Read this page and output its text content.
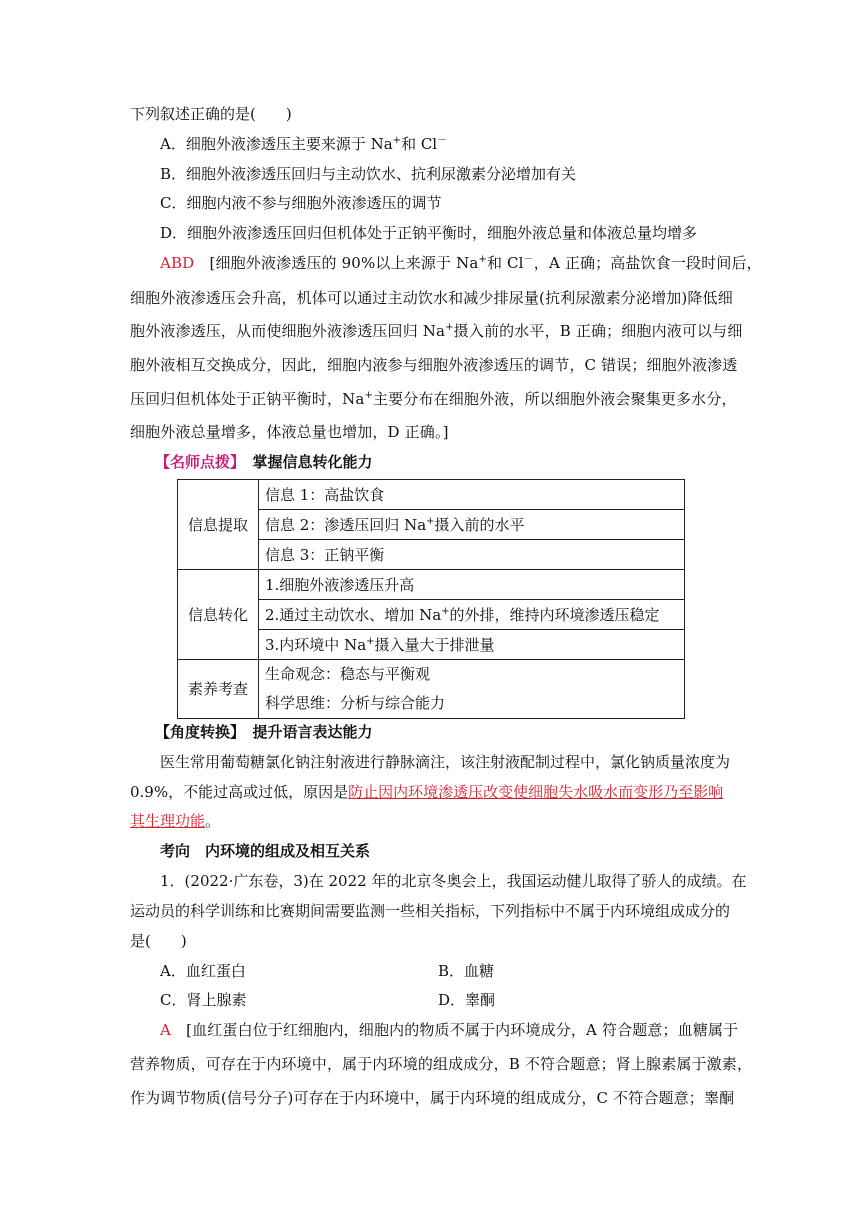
下列叙述正确的是(　　)
A．细胞外液渗透压主要来源于 Na+和 Cl－
B．细胞外液渗透压回归与主动饮水、抗利尿激素分泌增加有关
C．细胞内液不参与细胞外液渗透压的调节
D．细胞外液渗透压回归但机体处于正钠平衡时，细胞外液总量和体液总量均增多
ABD　[细胞外液渗透压的 90%以上来源于 Na+和 Cl－，A 正确；高盐饮食一段时间后，
细胞外液渗透压会升高，机体可以通过主动饮水和减少排尿量(抗利尿激素分泌增加)降低细
胞外液渗透压，从而使细胞外液渗透压回归 Na+摄入前的水平，B 正确；细胞内液可以与细
胞外液相互交换成分，因此，细胞内液参与细胞外液渗透压的调节，C 错误；细胞外液渗透
压回归但机体处于正钠平衡时，Na+主要分布在细胞外液，所以细胞外液会聚集更多水分，
细胞外液总量增多，体液总量也增加，D 正确。]
【名师点拨】　掌握信息转化能力
信息提取	信息 1：高盐饮食
	信息 2：渗透压回归 Na+摄入前的水平
	信息 3：正钠平衡
信息转化	1.细胞外液渗透压升高
	2.通过主动饮水、增加 Na+的外排，维持内环境渗透压稳定
	3.内环境中 Na+摄入量大于排泄量
素养考查	生命观念：稳态与平衡观
科学思维：分析与综合能力
【角度转换】　提升语言表达能力
医生常用葡萄糖氯化钠注射液进行静脉滴注，该注射液配制过程中，氯化钠质量浓度为
0.9%，不能过高或过低，原因是防止因内环境渗透压改变使细胞失水吸水而变形乃至影响
其生理功能。
考向　内环境的组成及相互关系
1．(2022·广东卷，3)在 2022 年的北京冬奥会上，我国运动健儿取得了骄人的成绩。在
运动员的科学训练和比赛期间需要监测一些相关指标，下列指标中不属于内环境组成成分的
是(　　)
A．血红蛋白	B．血糖
C．肾上腺素	D．睾酮
A　[血红蛋白位于红细胞内，细胞内的物质不属于内环境成分，A 符合题意；血糖属于
营养物质，可存在于内环境中，属于内环境的组成成分，B 不符合题意；肾上腺素属于激素，
作为调节物质(信号分子)可存在于内环境中，属于内环境的组成成分，C 不符合题意；睾酮
